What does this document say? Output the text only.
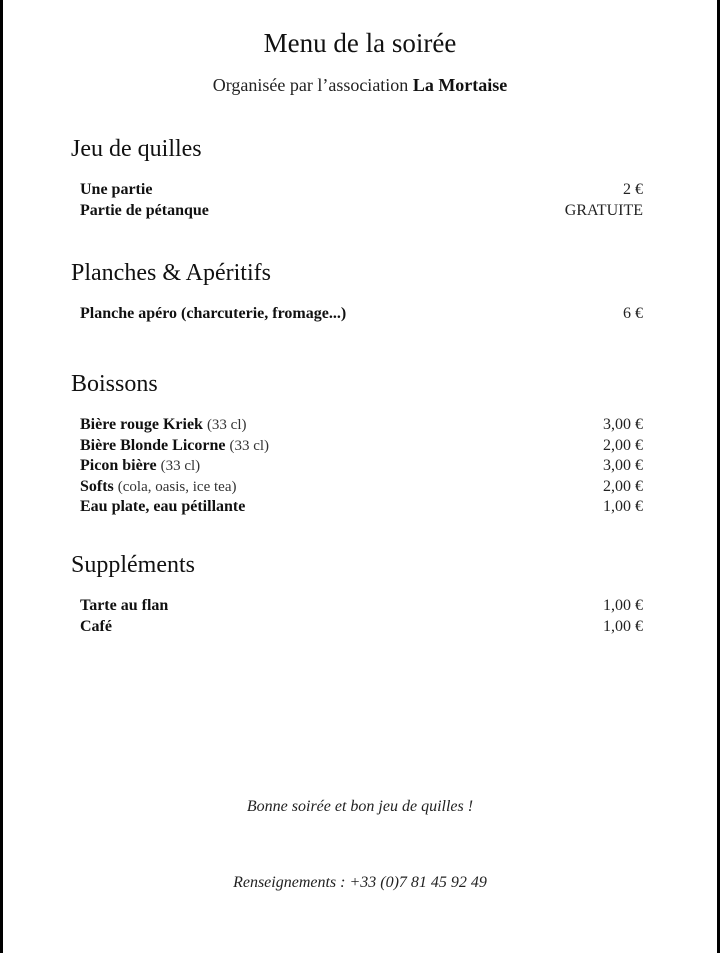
Menu de la soirée
Organisée par l’association La Mortaise
Jeu de quilles
Une partie	2 €
Partie de pétanque	GRATUITE
Planches & Apéritifs
Planche apéro (charcuterie, fromage...)	6 €
Boissons
Bière rouge Kriek (33 cl)	3,00 €
Bière Blonde Licorne (33 cl)	2,00 €
Picon bière (33 cl)	3,00 €
Softs (cola, oasis, ice tea)	2,00 €
Eau plate, eau pétillante	1,00 €
Suppléments
Tarte au flan	1,00 €
Café	1,00 €
Bonne soirée et bon jeu de quilles !
Renseignements : +33 (0)7 81 45 92 49
